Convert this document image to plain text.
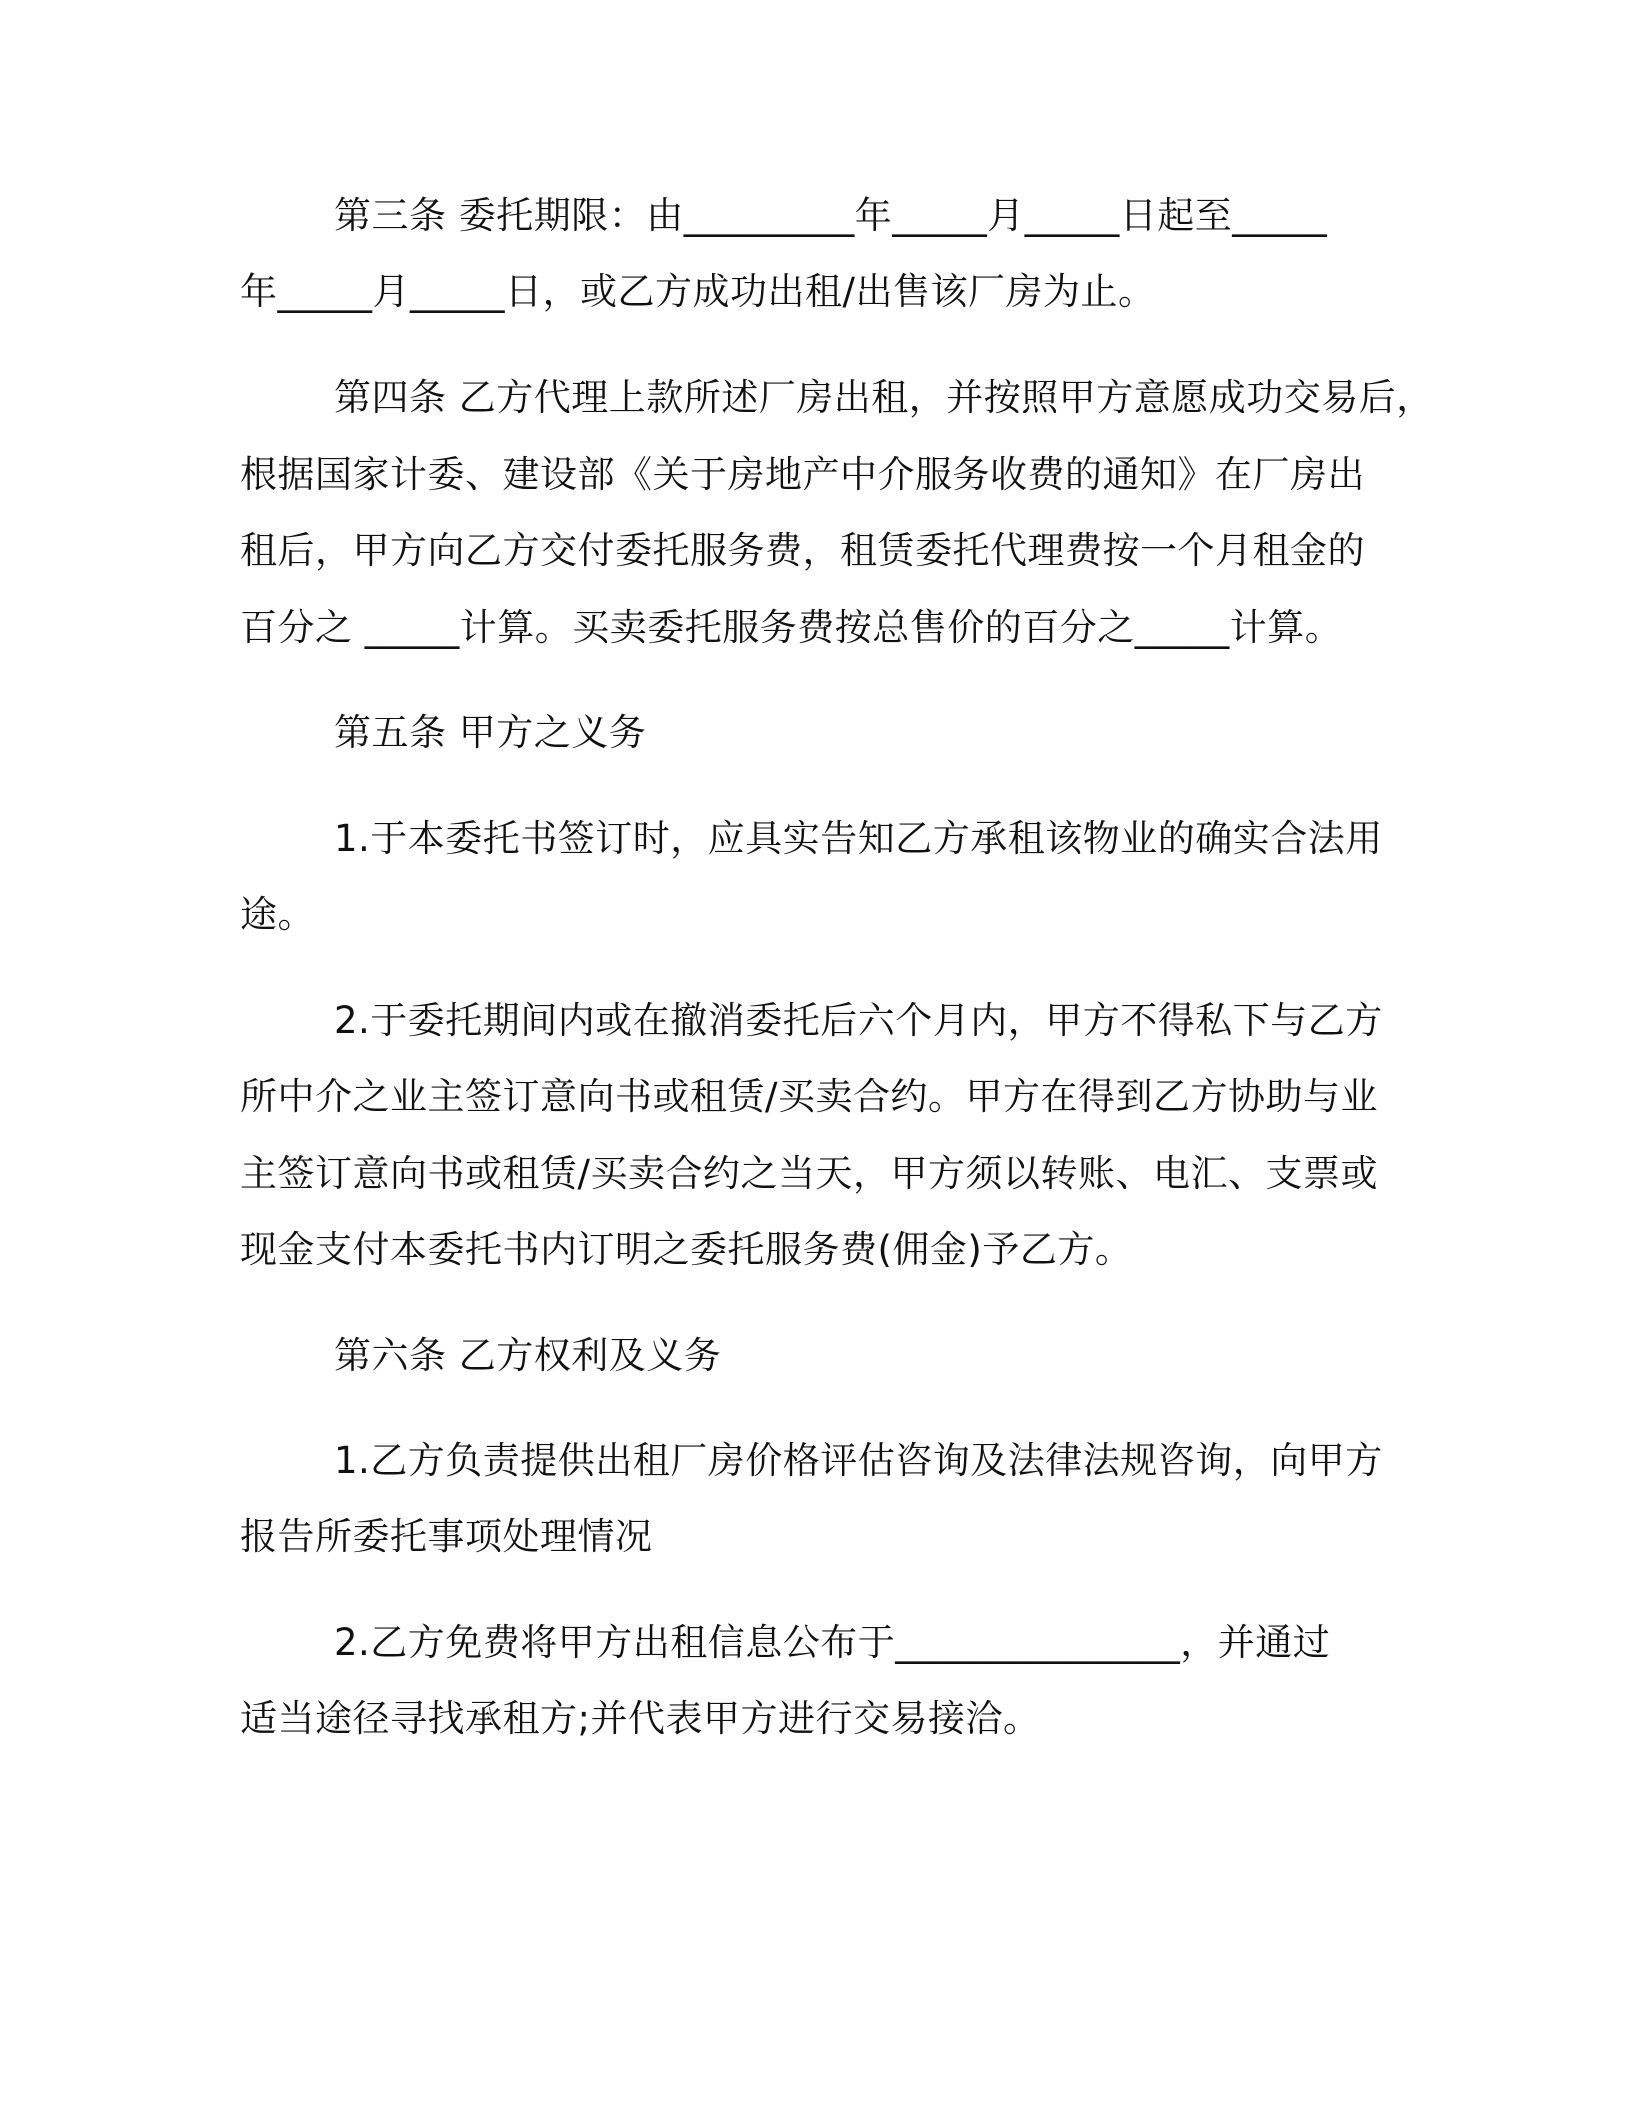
第三条 委托期限：由_________年_____月_____日起至_____
年_____月_____日，或乙方成功出租/出售该厂房为止。
第四条 乙方代理上款所述厂房出租，并按照甲方意愿成功交易后，
根据国家计委、建设部《关于房地产中介服务收费的通知》在厂房出
租后，甲方向乙方交付委托服务费，租赁委托代理费按一个月租金的
百分之 _____计算。买卖委托服务费按总售价的百分之_____计算。
第五条 甲方之义务
1.于本委托书签订时，应具实告知乙方承租该物业的确实合法用
途。
2.于委托期间内或在撤消委托后六个月内，甲方不得私下与乙方
所中介之业主签订意向书或租赁/买卖合约。甲方在得到乙方协助与业
主签订意向书或租赁/买卖合约之当天，甲方须以转账、电汇、支票或
现金支付本委托书内订明之委托服务费(佣金)予乙方。
第六条 乙方权利及义务
1.乙方负责提供出租厂房价格评估咨询及法律法规咨询，向甲方
报告所委托事项处理情况
2.乙方免费将甲方出租信息公布于_______________，并通过
适当途径寻找承租方;并代表甲方进行交易接洽。
